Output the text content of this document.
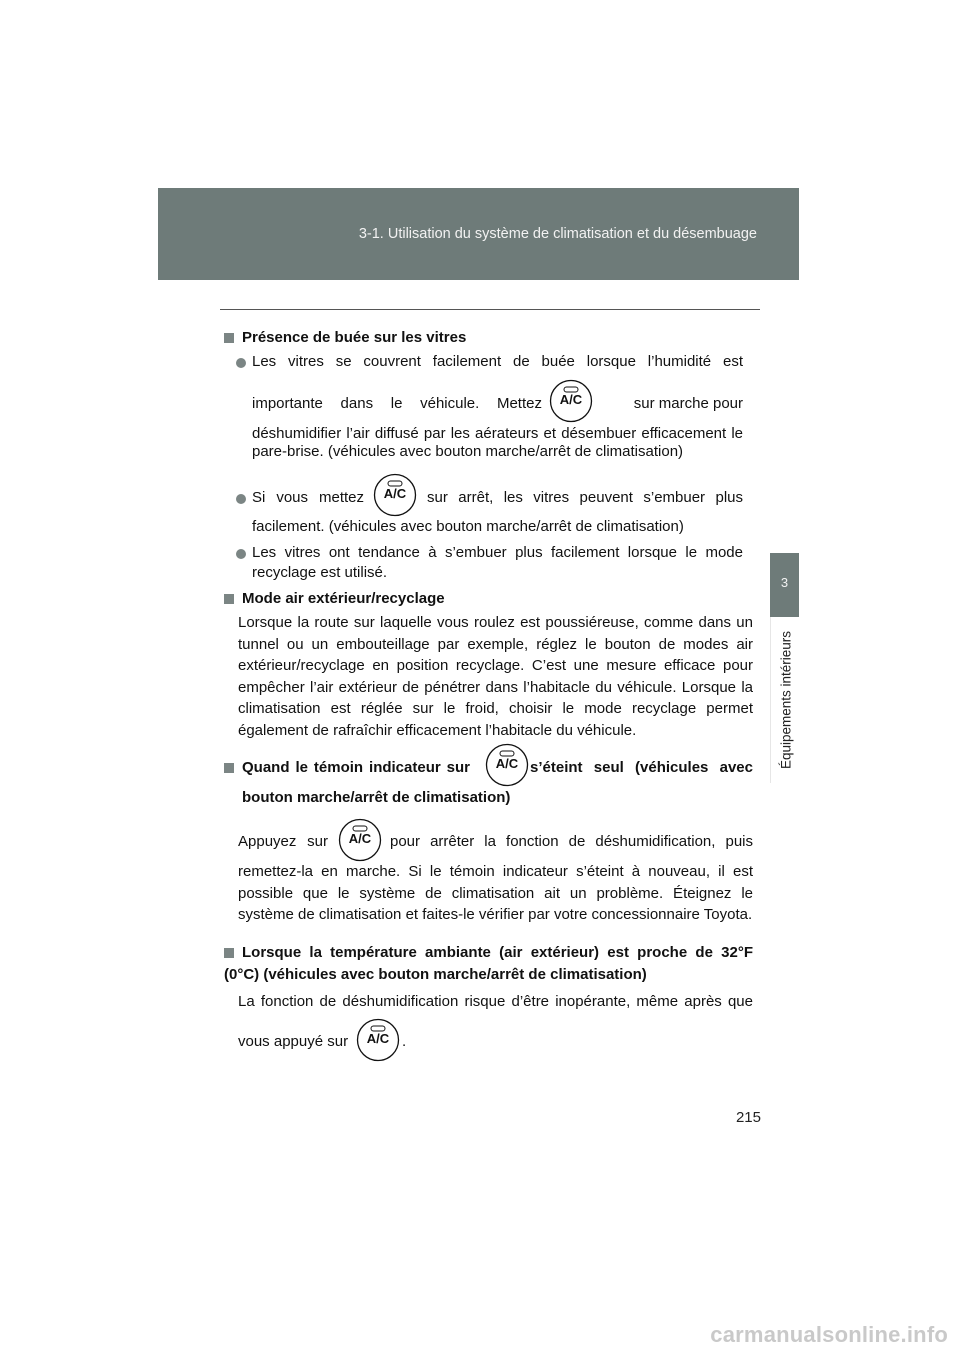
3-1. Utilisation du système de climatisation et du désembuage
3
Équipements intérieurs
Présence de buée sur les vitres
Les vitres se couvrent facilement de buée lorsque l’humidité est
importante dans le véhicule. Mettez	sur marche pour
A/C
déshumidifier l’air diffusé par les aérateurs et désembuer efficacement le
pare-brise. (véhicules avec bouton marche/arrêt de climatisation)
Si vous mettez	sur arrêt, les vitres peuvent s’embuer plus
A/C
facilement. (véhicules avec bouton marche/arrêt de climatisation)
Les vitres ont tendance à s’embuer plus facilement lorsque le mode
recyclage est utilisé.
Mode air extérieur/recyclage
Lorsque la route sur laquelle vous roulez est poussiéreuse, comme dans un tunnel ou un embouteillage par exemple, réglez le bouton de modes air extérieur/recyclage en position recyclage. C’est une mesure efficace pour empêcher l’air extérieur de pénétrer dans l’habitacle du véhicule. Lorsque la climatisation est réglée sur le froid, choisir le mode recyclage permet également de rafraîchir efficacement l’habitacle du véhicule.
Quand le témoin indicateur sur	s’éteint seul (véhicules avec
A/C
bouton marche/arrêt de climatisation)
Appuyez sur	pour arrêter la fonction de déshumidification, puis
A/C
remettez-la en marche. Si le témoin indicateur s’éteint à nouveau, il est possible que le système de climatisation ait un problème. Éteignez le système de climatisation et faites-le vérifier par votre concessionnaire Toyota.
Lorsque la température ambiante (air extérieur) est proche de 32°F (0°C) (véhicules avec bouton marche/arrêt de climatisation)
La fonction de déshumidification risque d’être inopérante, même après que
vous appuyé sur	A/C .
215
carmanualsonline.info
